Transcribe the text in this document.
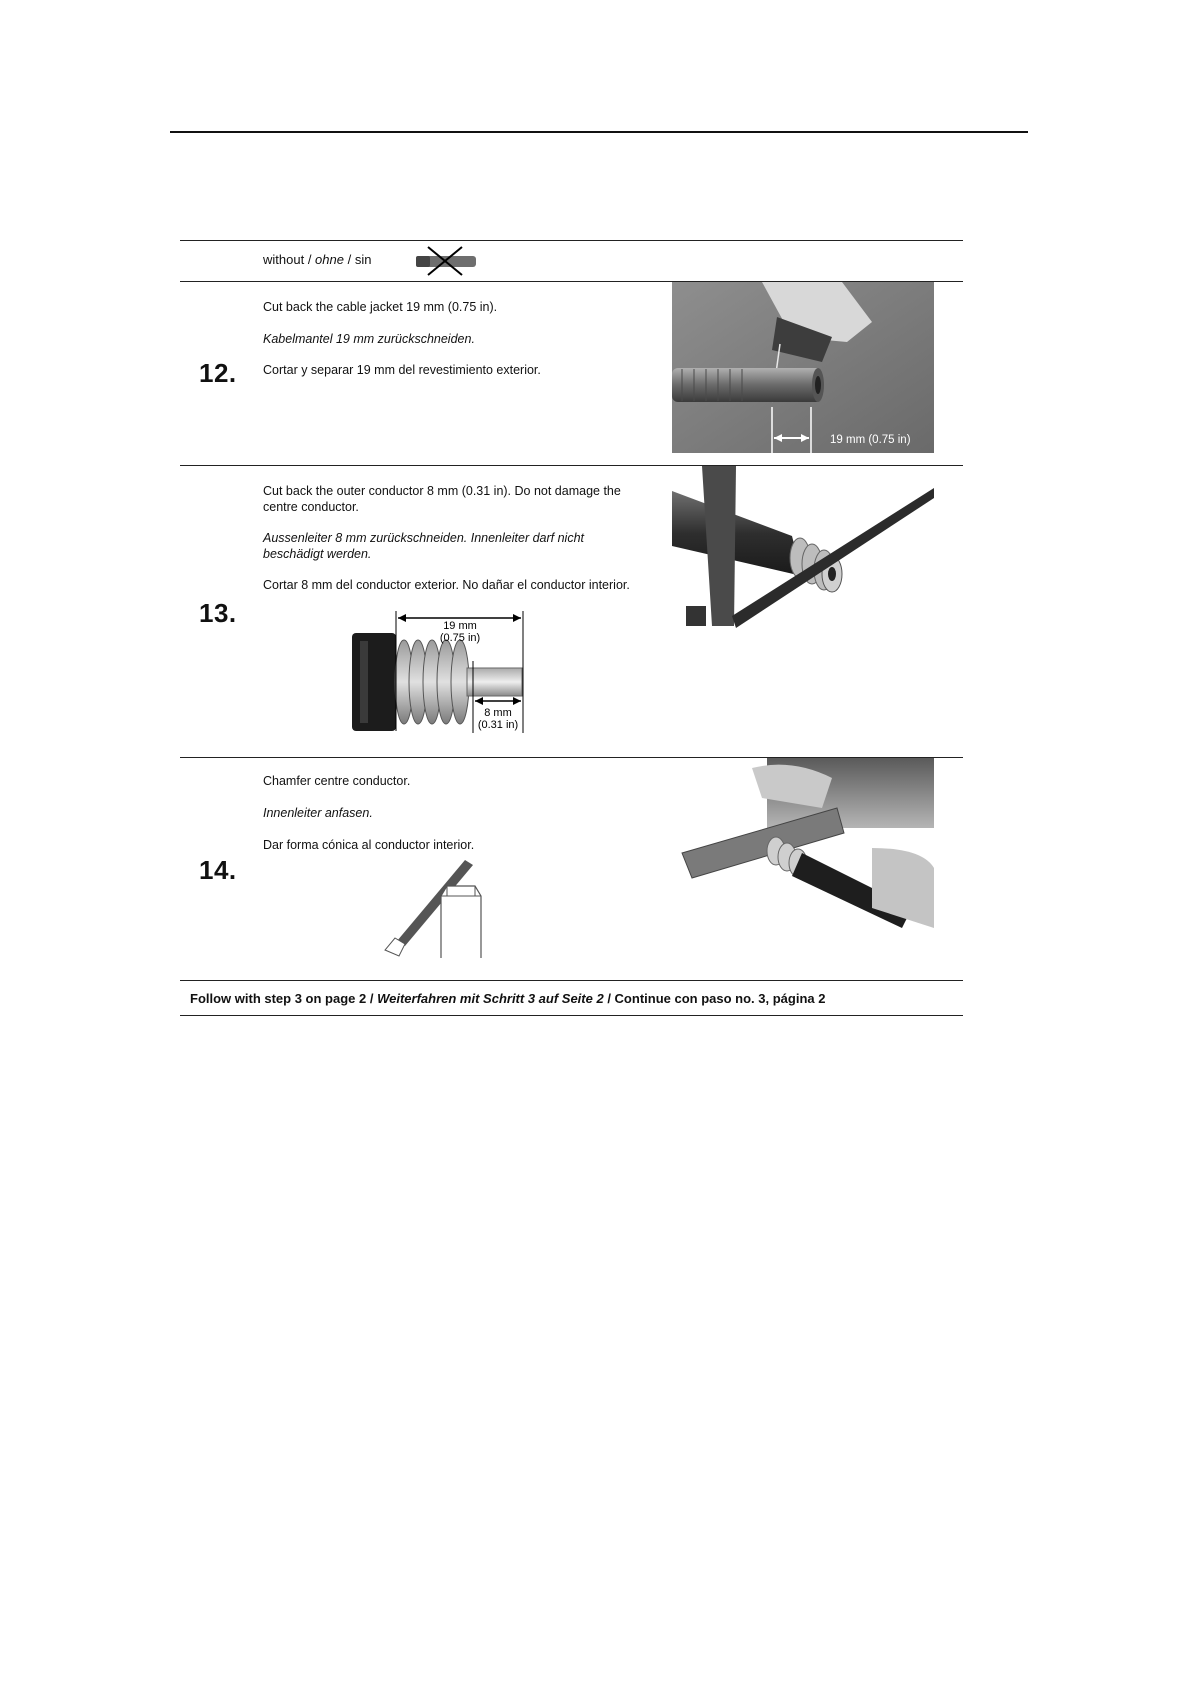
without / ohne / sin
12.
Cut back the cable jacket 19 mm (0.75 in).
Kabelmantel 19 mm zurückschneiden.
Cortar y separar 19 mm del revestimiento exterior.
19 mm (0.75 in)
13.
Cut back the outer conductor 8 mm (0.31 in). Do not damage the centre conductor.
Aussenleiter 8 mm zurückschneiden. Innenleiter darf nicht beschädigt werden.
Cortar 8 mm del conductor exterior. No dañar el conductor interior.
19 mm
(0.75 in)
8 mm
(0.31 in)
14.
Chamfer centre conductor.
Innenleiter anfasen.
Dar forma cónica al conductor interior.
Follow with step 3 on page 2 / Weiterfahren mit Schritt 3 auf Seite 2 / Continue con paso no. 3, página 2
